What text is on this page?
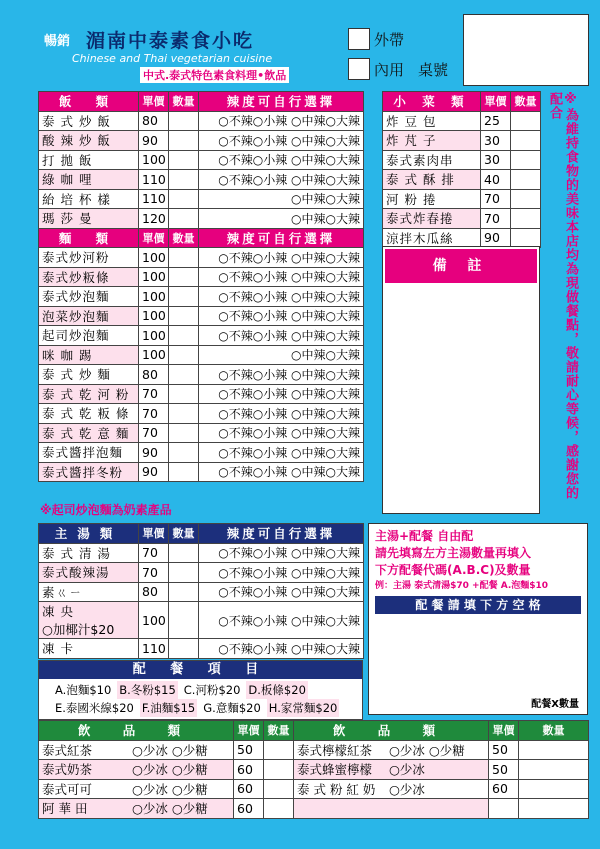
暢銷 湄南中泰素食小吃
Chinese and Thai vegetarian cuisine
中式.泰式特色素食料理•飲品
外帶
內用 桌號
飯 類	單價	數量	辣度可自行選擇
泰 式 炒 飯	80		○不辣○小辣 ○中辣○大辣
酸 辣 炒 飯	90		○不辣○小辣 ○中辣○大辣
打 拋 飯	100		○不辣○小辣 ○中辣○大辣
綠 咖 哩	110		○不辣○小辣 ○中辣○大辣
紿 培 杯 樣	110		○中辣○大辣
瑪 莎 曼	120		○中辣○大辣
麵 類	單價	數量	辣度可自行選擇
泰式炒河粉	100		○不辣○小辣 ○中辣○大辣
泰式炒粄條	100		○不辣○小辣 ○中辣○大辣
泰式炒泡麵	100		○不辣○小辣 ○中辣○大辣
泡菜炒泡麵	100		○不辣○小辣 ○中辣○大辣
起司炒泡麵	100		○不辣○小辣 ○中辣○大辣
咪 咖 踢	100		○中辣○大辣
泰 式 炒 麵	80		○不辣○小辣 ○中辣○大辣
泰 式 乾 河 粉	70		○不辣○小辣 ○中辣○大辣
泰 式 乾 粄 條	70		○不辣○小辣 ○中辣○大辣
泰 式 乾 意 麵	70		○不辣○小辣 ○中辣○大辣
泰式醬拌泡麵	90		○不辣○小辣 ○中辣○大辣
泰式醬拌冬粉	90		○不辣○小辣 ○中辣○大辣
※起司炒泡麵為奶素產品
小 菜 類	單價	數量
炸 豆 包	25	
炸 芃 子	30	
泰式素肉串	30	
泰 式 酥 排	40	
河 粉 捲	70	
泰式炸春捲	70	
涼拌木瓜絲	90	
備 註	※為維持食物的美味本店均為現做餐點，敬請耐心等候，感謝您的配合
主湯類	單價	數量	辣度可自行選擇

泰 式 清 湯	70		○不辣○小辣 ○中辣○大辣

泰式酸辣湯	70		○不辣○小辣 ○中辣○大辣

素ㄍㄧ	80		○不辣○小辣 ○中辣○大辣

凍 央
○加椰汁$20	100		○不辣○小辣 ○中辣○大辣

凍 卡	110		○不辣○小辣 ○中辣○大辣
配 餐 項 目
A.泡麵$10 B.冬粉$15 C.河粉$20 D.板條$20
E.泰國米線$20 F.油麵$15 G.意麵$20 H.家常麵$20
主湯+配餐 自由配
請先填寫左方主湯數量再填入
下方配餐代碼(A.B.C)及數量
例：主湯 泰式清湯$70 +配餐 A.泡麵$10
配 餐 請 填 下 方 空 格
配餐X數量
飲 品 類	單價	數量	飲 品 類	單價	數量
泰式紅茶 ○少冰 ○少糖	50		泰式檸檬紅茶 ○少冰 ○少糖	50	
泰式奶茶 ○少冰 ○少糖	60		泰式蜂蜜檸檬 ○少冰	50	
泰式可可 ○少冰 ○少糖	60		泰 式 粉 紅 奶 ○少冰	60	
阿 華 田 ○少冰 ○少糖	60				
